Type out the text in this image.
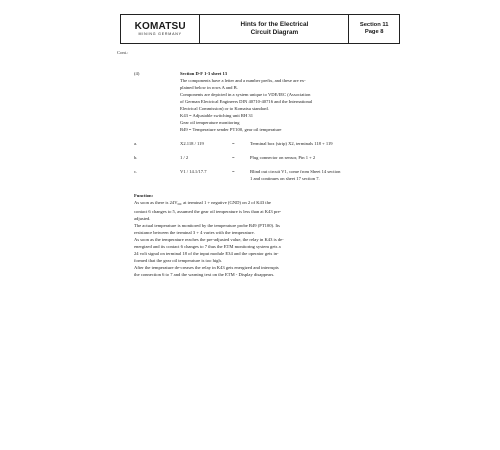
KOMATSU
MINING GERMANY
Hints for the Electrical
Circuit Diagram
Section 11
Page 8
Cont.:
(4)	Section D-F 1-3 sheet 13
The components have a letter and a number prefix, and these are ex-
plained below in rows A and B.
Components are depicted in a system unique to VDE/IEC (Association
of German Electrical Engineers DIN 40710-40716 and the International
Electrical Commission) or to Komatsu standard.
K43 = Adjustable switching unit RH 31
Gear oil temperature monitoring
B49 = Temperature sender PT100, gear oil temperature
a.	X2.118 / 119	=	Terminal box (strip) X2, terminals 118 + 119
b.	1 / 2	=	Plug connector on sensor, Pin 1 + 2
c.	V1 / 14.1/17.7	=	Blind out circuit V1, come from Sheet 14 section
1 and continues on sheet 17 section 7.
Function:
As soon as there is $24V_{DC}$ at terminal 1 + negative (GND) on 2 of K43 the
contact 6 changes to 5, assumed the gear oil temperature is less than at K43 pre-
adjusted.
The actual temperature is monitored by the temperature probe B49 (PT100). Its
resistance between the terminal 3 + 4 varies with the temperature.
As soon as the temperature reaches the pre-adjusted value, the relay in K43 is de-
energized and its contact 6 changes to 7 thus the ETM monitoring system gets a
24 volt signal on terminal 18 of the input module E34 and the operator gets in-
formed that the gear oil temperature is too high.
After the temperature de-creases the relay in K43 gets energized and interrupts
the connection 6 to 7 and the warning text on the ETM - Display disappears.
